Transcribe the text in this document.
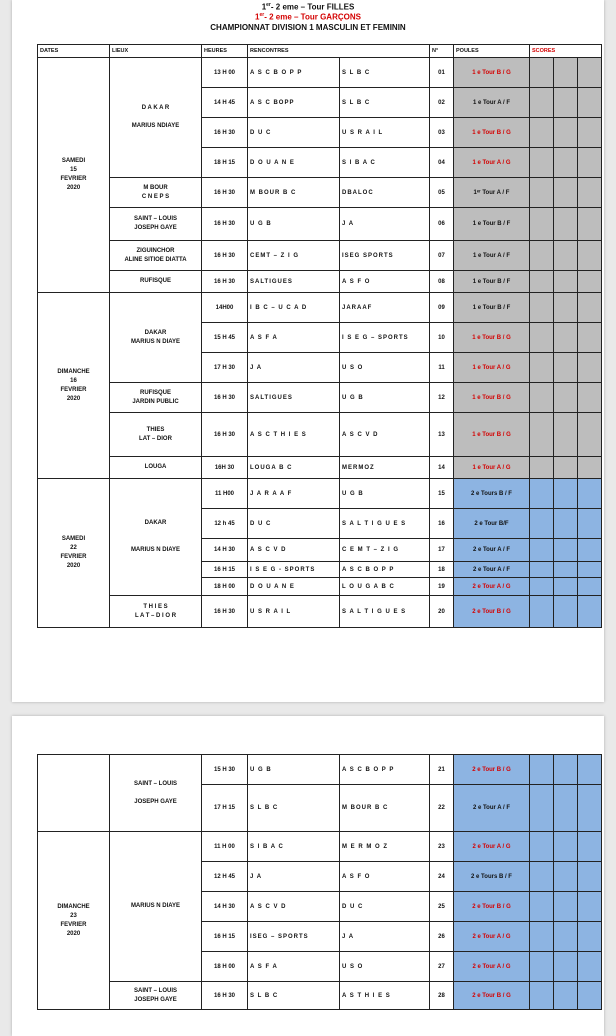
1er- 2 eme – Tour FILLES
1er- 2 eme – Tour GARÇONS
CHAMPIONNAT DIVISION 1 MASCULIN ET FEMININ
DATES	LIEUX	HEURES	RENCONTRES		N°	POULES	SCORES		
SAMEDI
15
FEVRIER
2020	D A K A R

MARIUS NDIAYE	13 H 00	A S C B O P P	S L B C	01	1 e Tour B / G			
		14 H 45	A S C BOPP	S L B C	02	1 e Tour A / F			
		16 H 30	D U C	U S R A I L	03	1 e Tour B / G			
		18 H 15	D O U A N E	S I B A C	04	1 e Tour A / G			
	M BOUR
C N E P S	16 H 30	M BOUR B C	DBALOC	05	1ᵉʳ Tour A / F			
	SAINT – LOUIS
JOSEPH GAYE	16 H 30	U G B	J A	06	1 e Tour B / F			
	ZIGUINCHOR
ALINE SITIOE DIATTA	16 H 30	CEMT – Z I G	ISEG SPORTS	07	1 e Tour A / F			
	RUFISQUE	16 H 30	SALTIGUES	A S F O	08	1 e Tour B / F			
DIMANCHE
16
FEVRIER
2020	DAKAR
MARIUS N DIAYE	14H00	I B C – U C A D	JARAAF	09	1 e Tour B / F			
		15 H 45	A S F A	I S E G – SPORTS	10	1 e Tour B / G			
		17 H 30	J A	U S O	11	1 e Tour A / G			
	RUFISQUE
JARDIN PUBLIC	16 H 30	SALTIGUES	U G B	12	1 e Tour B / G			
	THIES
LAT – DIOR	16 H 30	A S C T H I E S	A S C V D	13	1 e Tour B / G			
	LOUGA	16H 30	LOUGA B C	MERMOZ	14	1 e Tour A / G			
SAMEDI
22
FEVRIER
2020	DAKAR

MARIUS N DIAYE	11 H00	J A R A A F	U G B	15	2 e Tours B / F			
		12 h 45	D U C	S A L T I G U E S	16	2 e Tour B/F			
		14 H 30	A S C V D	C E M T – Z I G	17	2 e Tour A / F			
		16 H 15	I S E G - SPORTS	A S C B O P P	18	2 e Tour A / F			
		18 H 00	D O U A N E	L O U G A B C	19	2 e Tour A / G			
	T H I E S
L A T – D I O R	16 H 30	U S R A I L	S A L T I G U E S	20	2 e Tour B / G			
	SAINT – LOUIS

JOSEPH GAYE	15 H 30	U G B	A S C B O P P	21	2 e Tour B / G			
		17 H 15	S L B C	M BOUR B C	22	2 e Tour A / F			
DIMANCHE
23
FEVRIER
2020	MARIUS N DIAYE	11 H 00	S I B A C	M E R M O Z	23	2 e Tour A / G			
		12 H 45	J A	A S F O	24	2 e Tours B / F			
		14 H 30	A S C V D	D U C	25	2 e Tour B / G			
		16 H 15	ISEG – SPORTS	J A	26	2 e Tour A / G			
		18 H 00	A S F A	U S O	27	2 e Tour A / G			
	SAINT – LOUIS
JOSEPH GAYE	16 H 30	S L B C	A S T H I E S	28	2 e Tour B / G			
